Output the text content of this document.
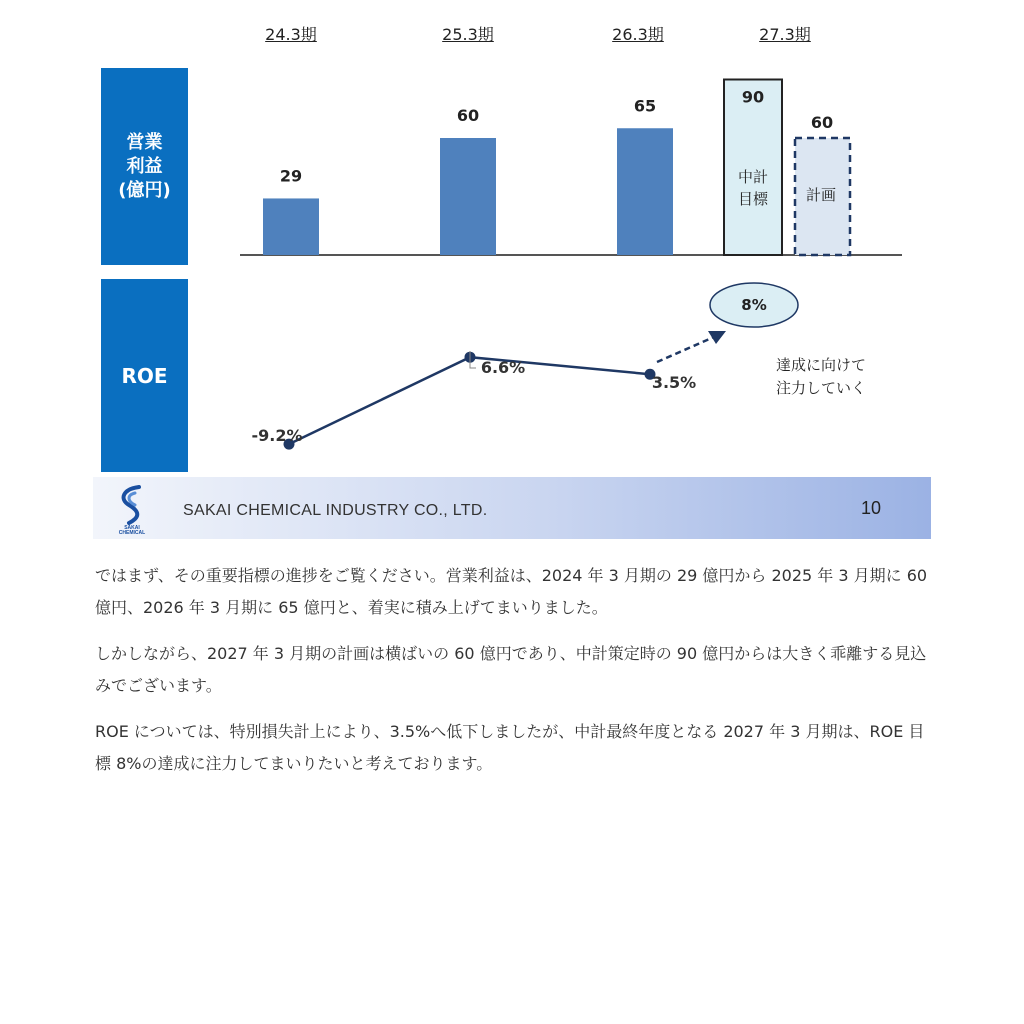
24.3期	25.3期	26.3期	27.3期
営業
利益
(億円)
ROE
29
60
65	90
中計
目標
60
計画
8%
-9.2%
6.6%
3.5%
達成に向けて
注力していく
SAKAI
CHEMICAL
SAKAI CHEMICAL INDUSTRY CO., LTD.	10

ではまず、その重要指標の進捗をご覧ください。営業利益は、2024 年 3 月期の 29 億円から 2025 年 3 月期に 60 億円、2026 年 3 月期に 65 億円と、着実に積み上げてまいりました。

しかしながら、2027 年 3 月期の計画は横ばいの 60 億円であり、中計策定時の 90 億円からは大きく乖離する見込みでございます。

ROE については、特別損失計上により、3.5%へ低下しましたが、中計最終年度となる 2027 年 3 月期は、ROE 目標 8%の達成に注力してまいりたいと考えております。
